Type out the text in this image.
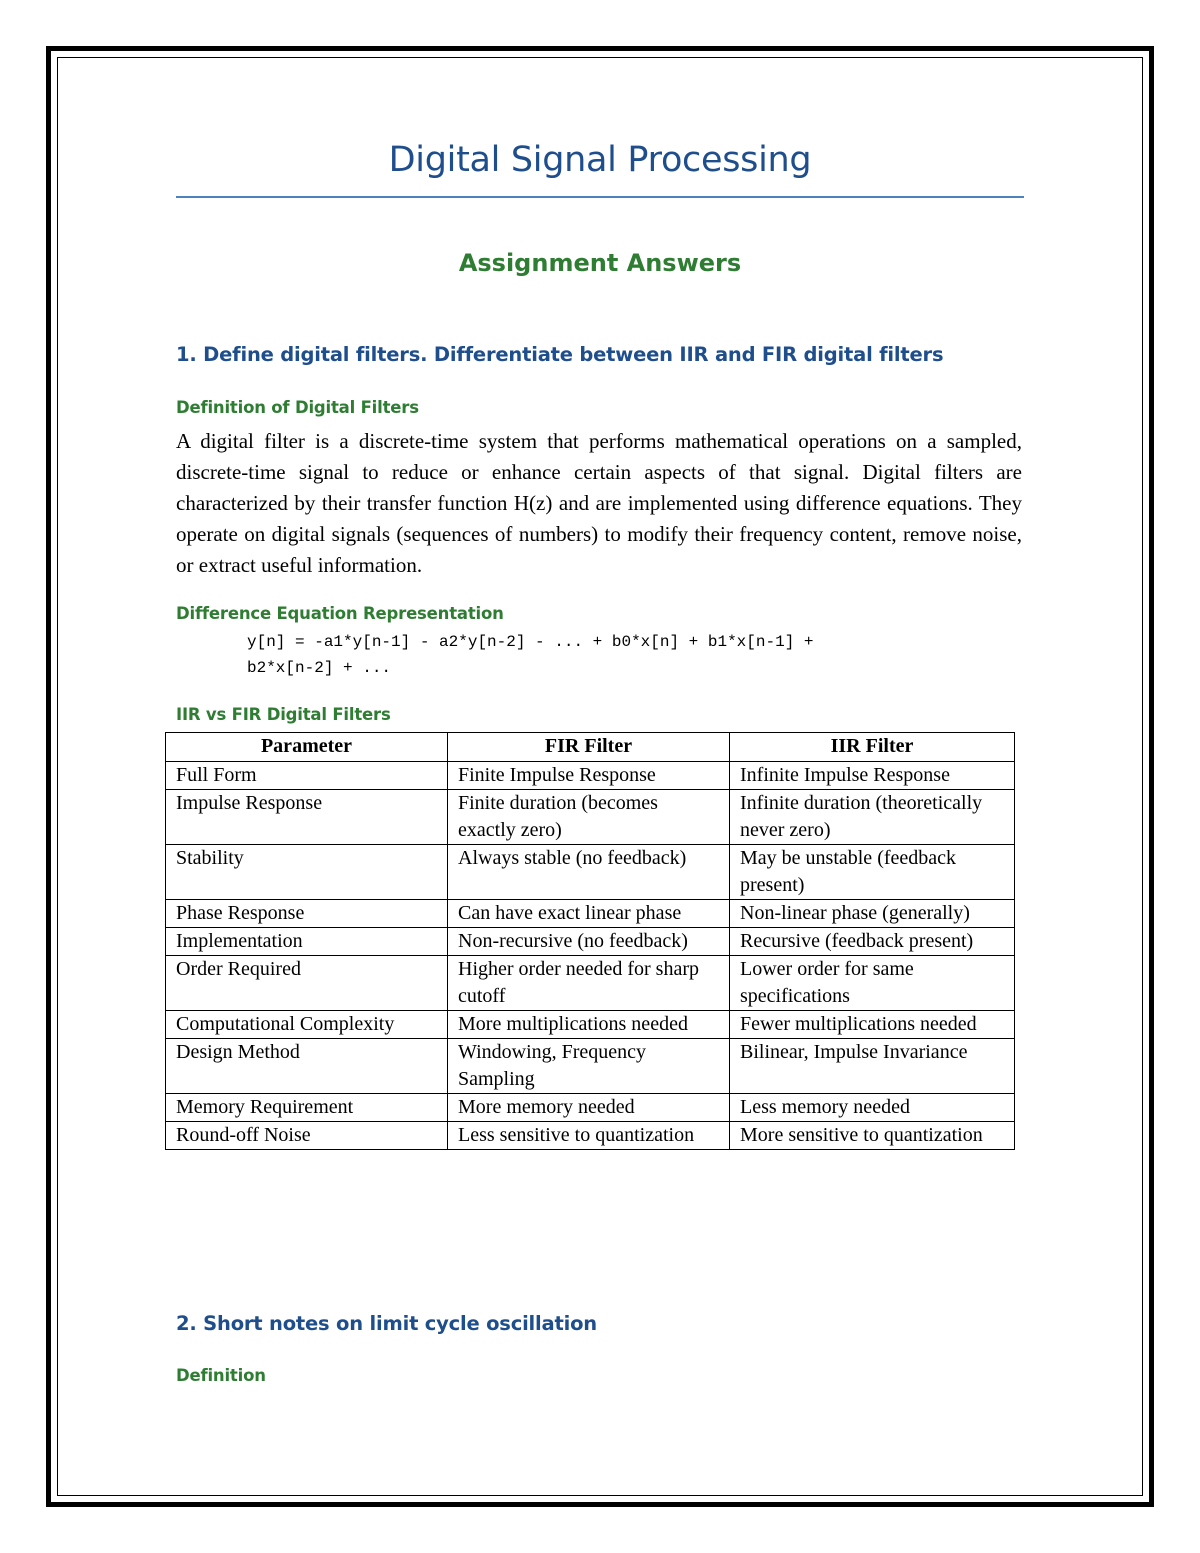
Digital Signal Processing
Assignment Answers
1. Define digital filters. Differentiate between IIR and FIR digital filters
Definition of Digital Filters
A digital filter is a discrete-time system that performs mathematical operations on a sampled, discrete-time signal to reduce or enhance certain aspects of that signal. Digital filters are characterized by their transfer function H(z) and are implemented using difference equations. They operate on digital signals (sequences of numbers) to modify their frequency content, remove noise, or extract useful information.
Difference Equation Representation
y[n] = -a1*y[n-1] - a2*y[n-2] - ... + b0*x[n] + b1*x[n-1] +
b2*x[n-2] + ...
IIR vs FIR Digital Filters
Parameter	FIR Filter	IIR Filter
Full Form	Finite Impulse Response	Infinite Impulse Response
Impulse Response	Finite duration (becomes exactly zero)	Infinite duration (theoretically never zero)
Stability	Always stable (no feedback)	May be unstable (feedback present)
Phase Response	Can have exact linear phase	Non-linear phase (generally)
Implementation	Non-recursive (no feedback)	Recursive (feedback present)
Order Required	Higher order needed for sharp cutoff	Lower order for same specifications
Computational Complexity	More multiplications needed	Fewer multiplications needed
Design Method	Windowing, Frequency Sampling	Bilinear, Impulse Invariance
Memory Requirement	More memory needed	Less memory needed
Round-off Noise	Less sensitive to quantization	More sensitive to quantization
2. Short notes on limit cycle oscillation
Definition
